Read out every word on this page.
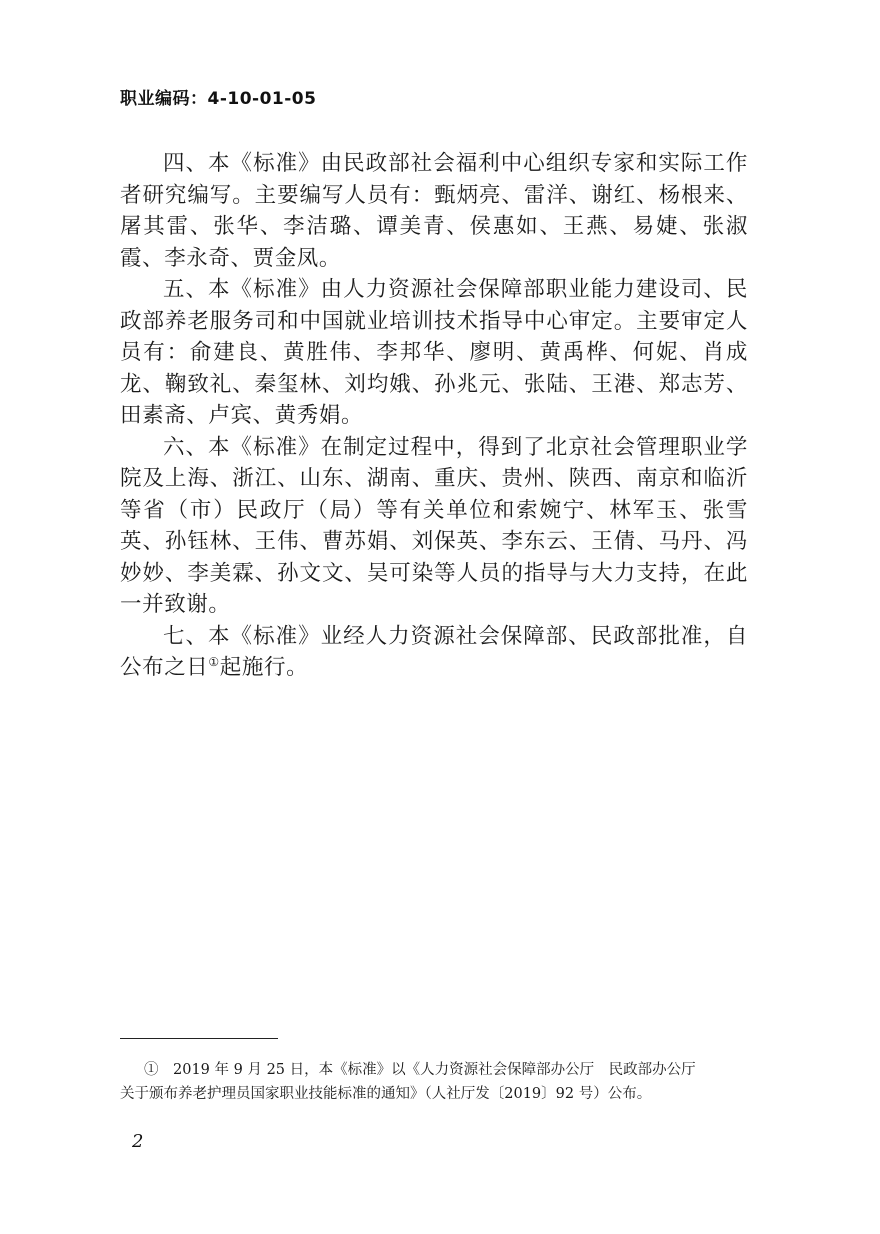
职业编码：4-10-01-05

四、本《标准》由民政部社会福利中心组织专家和实际工作者研究编写。主要编写人员有：甄炳亮、雷洋、谢红、杨根来、屠其雷、张华、李洁璐、谭美青、侯惠如、王燕、易婕、张淑霞、李永奇、贾金凤。

五、本《标准》由人力资源社会保障部职业能力建设司、民政部养老服务司和中国就业培训技术指导中心审定。主要审定人员有：俞建良、黄胜伟、李邦华、廖明、黄禹桦、何妮、肖成龙、鞠致礼、秦玺林、刘均娥、孙兆元、张陆、王港、郑志芳、田素斋、卢宾、黄秀娟。

六、本《标准》在制定过程中，得到了北京社会管理职业学院及上海、浙江、山东、湖南、重庆、贵州、陕西、南京和临沂等省（市）民政厅（局）等有关单位和索婉宁、林军玉、张雪英、孙钰林、王伟、曹苏娟、刘保英、李东云、王倩、马丹、冯妙妙、李美霖、孙文文、吴可染等人员的指导与大力支持，在此一并致谢。

七、本《标准》业经人力资源社会保障部、民政部批准，自公布之日①起施行。

①　2019 年 9 月 25 日，本《标准》以《人力资源社会保障部办公厅　民政部办公厅
关于颁布养老护理员国家职业技能标准的通知》（人社厅发〔2019〕92 号）公布。
2
